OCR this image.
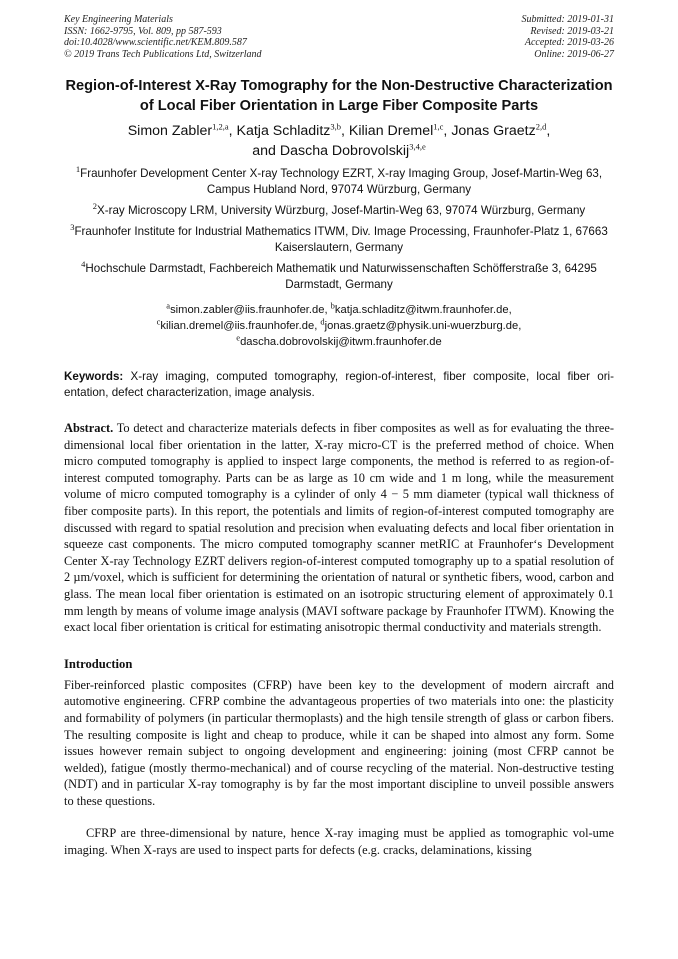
Key Engineering Materials
ISSN: 1662-9795, Vol. 809, pp 587-593
doi:10.4028/www.scientific.net/KEM.809.587
© 2019 Trans Tech Publications Ltd, Switzerland
Submitted: 2019-01-31
Revised: 2019-03-21
Accepted: 2019-03-26
Online: 2019-06-27
Region-of-Interest X-Ray Tomography for the Non-Destructive Characterization of Local Fiber Orientation in Large Fiber Composite Parts
Simon Zabler$^{1,2,a}$, Katja Schladitz$^{3,b}$, Kilian Dremel$^{1,c}$, Jonas Graetz$^{2,d}$,
and Dascha Dobrovolskij$^{3,4,e}$

$^1$Fraunhofer Development Center X-ray Technology EZRT, X-ray Imaging Group, Josef-Martin-Weg 63, Campus Hubland Nord, 97074 Würzburg, Germany

$^2$X-ray Microscopy LRM, University Würzburg, Josef-Martin-Weg 63, 97074 Würzburg, Germany

$^3$Fraunhofer Institute for Industrial Mathematics ITWM, Div. Image Processing, Fraunhofer-Platz 1, 67663 Kaiserslautern, Germany

$^4$Hochschule Darmstadt, Fachbereich Mathematik und Naturwissenschaften Schöfferstraße 3, 64295 Darmstadt, Germany

$^a$simon.zabler@iis.fraunhofer.de, $^b$katja.schladitz@itwm.fraunhofer.de,
$^c$kilian.dremel@iis.fraunhofer.de, $^d$jonas.graetz@physik.uni-wuerzburg.de,
$^e$dascha.dobrovolskij@itwm.fraunhofer.de
Keywords: X-ray imaging, computed tomography, region-of-interest, fiber composite, local fiber ori-entation, defect characterization, image analysis.
Abstract. To detect and characterize materials defects in fiber composites as well as for evaluating the three-dimensional local fiber orientation in the latter, X-ray micro-CT is the preferred method of choice. When micro computed tomography is applied to inspect large components, the method is referred to as region-of-interest computed tomography. Parts can be as large as 10 cm wide and 1 m long, while the measurement volume of micro computed tomography is a cylinder of only 4 − 5 mm diameter (typical wall thickness of fiber composite parts). In this report, the potentials and limits of region-of-interest computed tomography are discussed with regard to spatial resolution and precision when evaluating defects and local fiber orientation in squeeze cast components. The micro computed tomography scanner metRIC at Fraunhofer‘s Development Center X-ray Technology EZRT delivers region-of-interest computed tomography up to a spatial resolution of 2 µm/voxel, which is sufficient for determining the orientation of natural or synthetic fibers, wood, carbon and glass. The mean local fiber orientation is estimated on an isotropic structuring element of approximately 0.1 mm length by means of volume image analysis (MAVI software package by Fraunhofer ITWM). Knowing the exact local fiber orientation is critical for estimating anisotropic thermal conductivity and materials strength.
Introduction
Fiber-reinforced plastic composites (CFRP) have been key to the development of modern aircraft and automotive engineering. CFRP combine the advantageous properties of two materials into one: the plasticity and formability of polymers (in particular thermoplasts) and the high tensile strength of glass or carbon fibers. The resulting composite is light and cheap to produce, while it can be shaped into almost any form. Some issues however remain subject to ongoing development and engineering: joining (most CFRP cannot be welded), fatigue (mostly thermo-mechanical) and of course recycling of the material. Non-destructive testing (NDT) and in particular X-ray tomography is by far the most important discipline to unveil possible answers to these questions.
CFRP are three-dimensional by nature, hence X-ray imaging must be applied as tomographic vol-ume imaging. When X-rays are used to inspect parts for defects (e.g. cracks, delaminations, kissing
